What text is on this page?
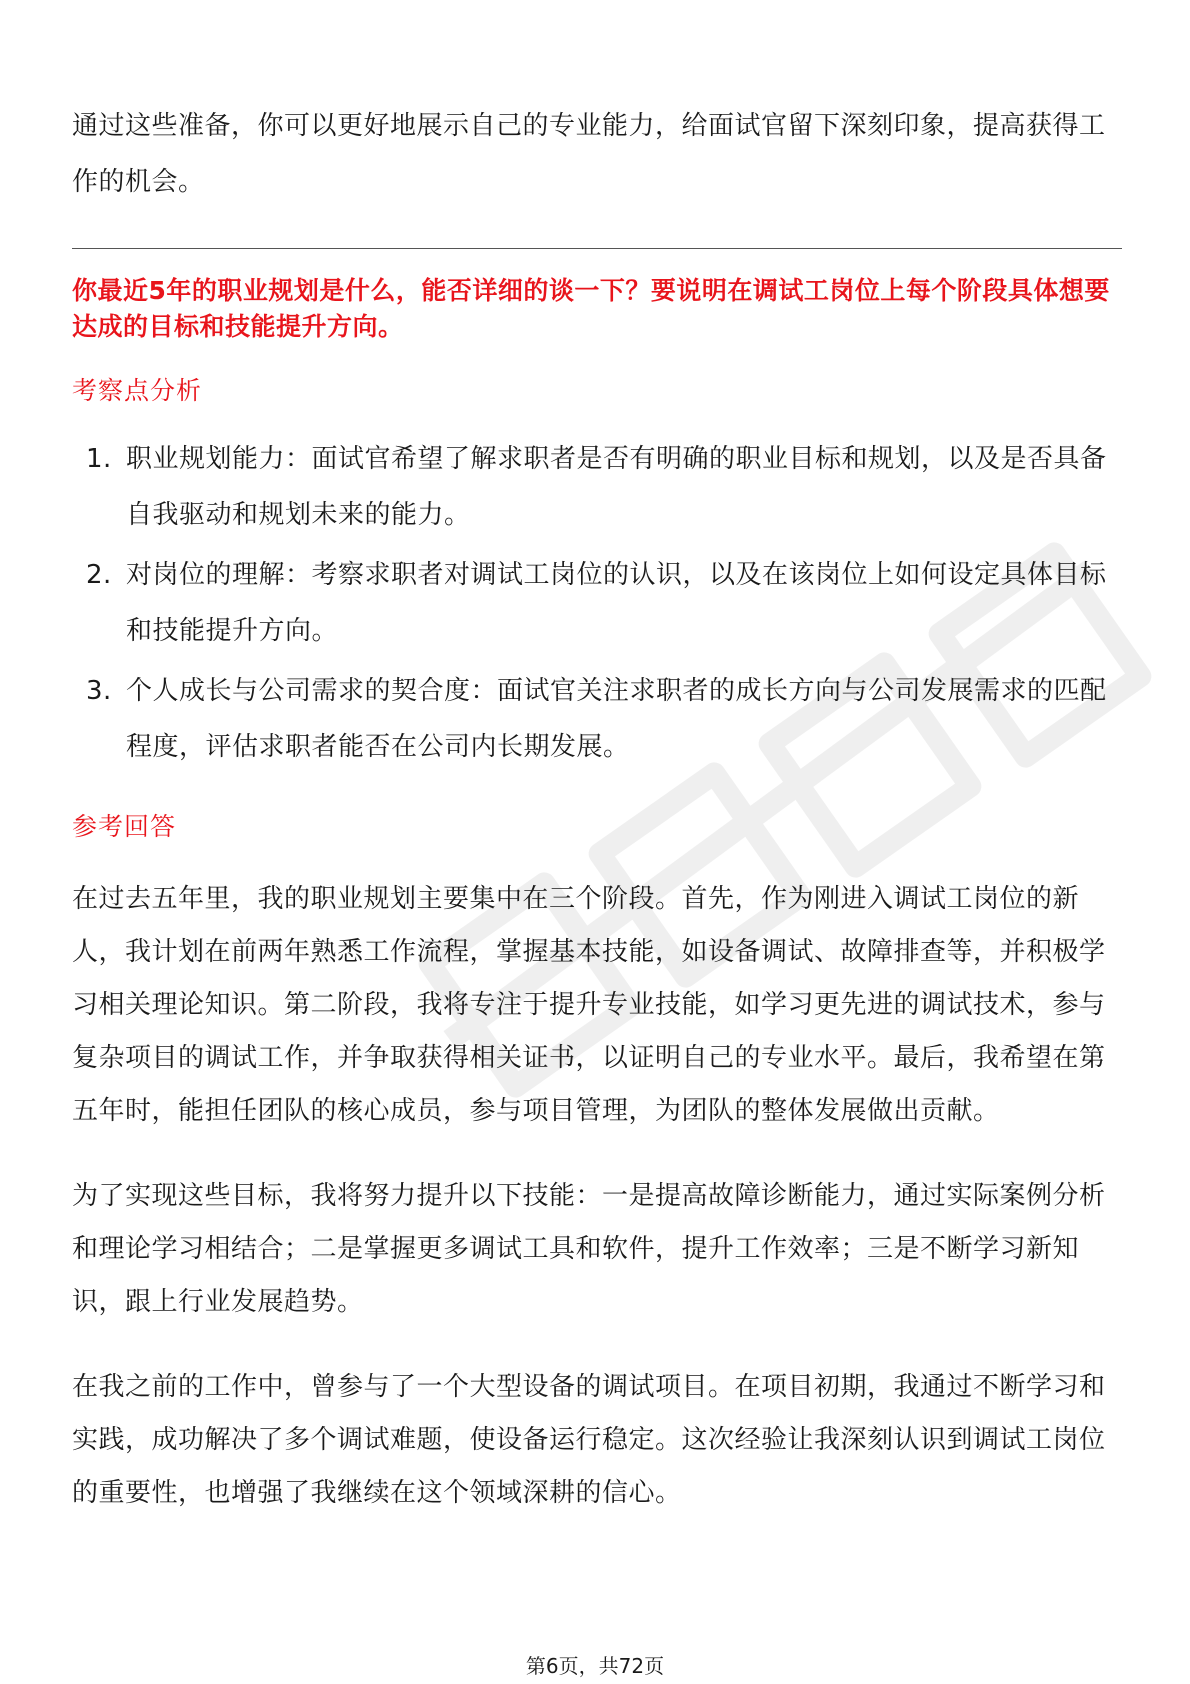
通过这些准备，你可以更好地展示自己的专业能力，给面试官留下深刻印象，提高获得工作的机会。

你最近5年的职业规划是什么，能否详细的谈一下？要说明在调试工岗位上每个阶段具体想要达成的目标和技能提升方向。

考察点分析
1. 职业规划能力：面试官希望了解求职者是否有明确的职业目标和规划，以及是否具备自我驱动和规划未来的能力。
2. 对岗位的理解：考察求职者对调试工岗位的认识，以及在该岗位上如何设定具体目标和技能提升方向。
3. 个人成长与公司需求的契合度：面试官关注求职者的成长方向与公司发展需求的匹配程度，评估求职者能否在公司内长期发展。
参考回答

在过去五年里，我的职业规划主要集中在三个阶段。首先，作为刚进入调试工岗位的新人，我计划在前两年熟悉工作流程，掌握基本技能，如设备调试、故障排查等，并积极学习相关理论知识。第二阶段，我将专注于提升专业技能，如学习更先进的调试技术，参与复杂项目的调试工作，并争取获得相关证书，以证明自己的专业水平。最后，我希望在第五年时，能担任团队的核心成员，参与项目管理，为团队的整体发展做出贡献。

为了实现这些目标，我将努力提升以下技能：一是提高故障诊断能力，通过实际案例分析和理论学习相结合；二是掌握更多调试工具和软件，提升工作效率；三是不断学习新知识，跟上行业发展趋势。

在我之前的工作中，曾参与了一个大型设备的调试项目。在项目初期，我通过不断学习和实践，成功解决了多个调试难题，使设备运行稳定。这次经验让我深刻认识到调试工岗位的重要性，也增强了我继续在这个领域深耕的信心。

第6页，共72页
